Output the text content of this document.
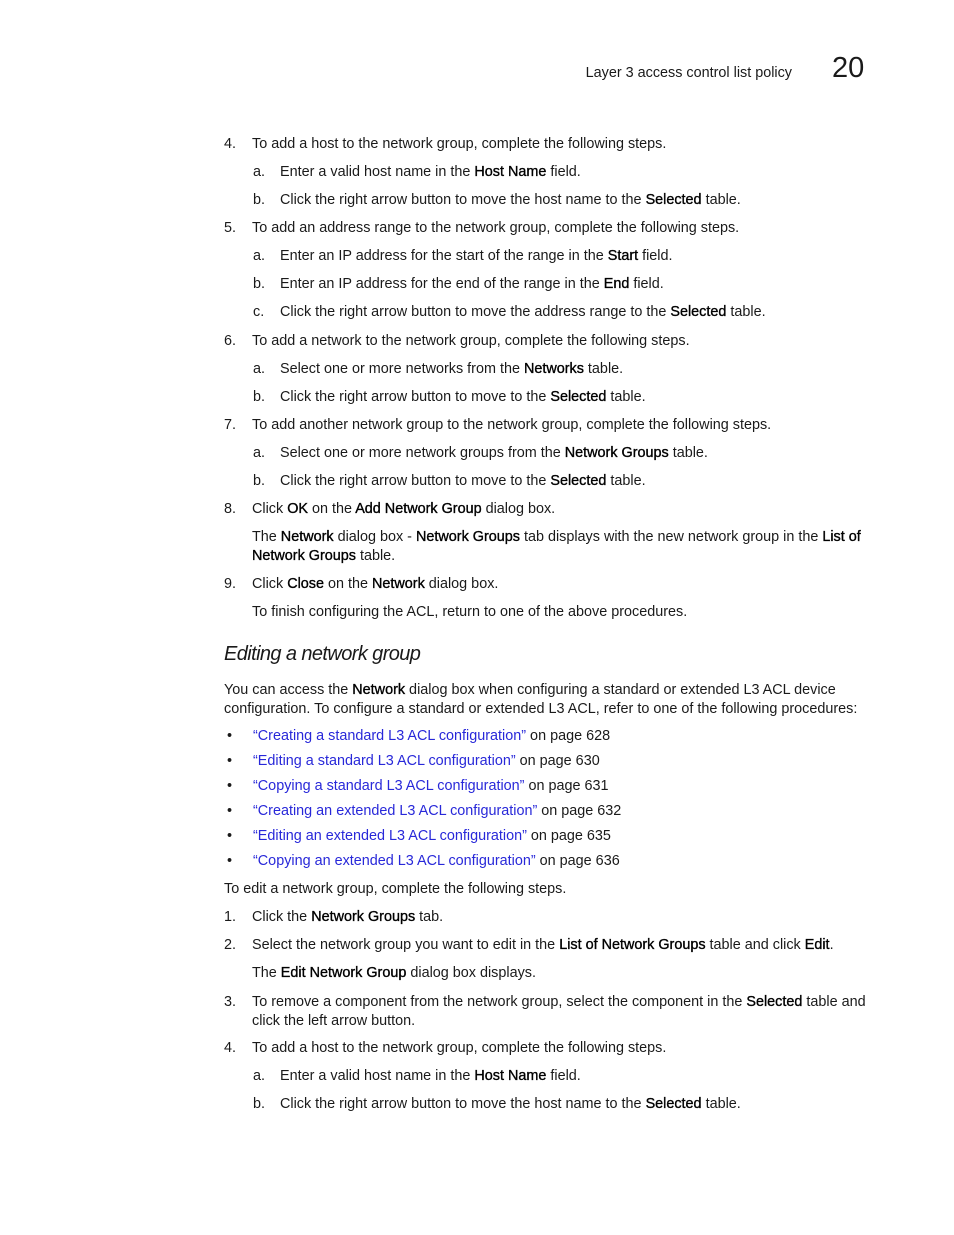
Layer 3 access control list policy 20
4.	To add a host to the network group, complete the following steps.
a.	Enter a valid host name in the Host Name field.
b.	Click the right arrow button to move the host name to the Selected table.
5.	To add an address range to the network group, complete the following steps.
a.	Enter an IP address for the start of the range in the Start field.
b.	Enter an IP address for the end of the range in the End field.
c.	Click the right arrow button to move the address range to the Selected table.
6.	To add a network to the network group, complete the following steps.
a.	Select one or more networks from the Networks table.
b.	Click the right arrow button to move to the Selected table.
7.	To add another network group to the network group, complete the following steps.
a.	Select one or more network groups from the Network Groups table.
b.	Click the right arrow button to move to the Selected table.
8.	Click OK on the Add Network Group dialog box.
The Network dialog box - Network Groups tab displays with the new network group in the List of Network Groups table.
9.	Click Close on the Network dialog box.
To finish configuring the ACL, return to one of the above procedures.
Editing a network group
You can access the Network dialog box when configuring a standard or extended L3 ACL device configuration. To configure a standard or extended L3 ACL, refer to one of the following procedures:
• “Creating a standard L3 ACL configuration” on page 628
• “Editing a standard L3 ACL configuration” on page 630
• “Copying a standard L3 ACL configuration” on page 631
• “Creating an extended L3 ACL configuration” on page 632
• “Editing an extended L3 ACL configuration” on page 635
• “Copying an extended L3 ACL configuration” on page 636
To edit a network group, complete the following steps.
1.	Click the Network Groups tab.
2.	Select the network group you want to edit in the List of Network Groups table and click Edit.
The Edit Network Group dialog box displays.
3.	To remove a component from the network group, select the component in the Selected table and click the left arrow button.
4.	To add a host to the network group, complete the following steps.
a.	Enter a valid host name in the Host Name field.
b.	Click the right arrow button to move the host name to the Selected table.
